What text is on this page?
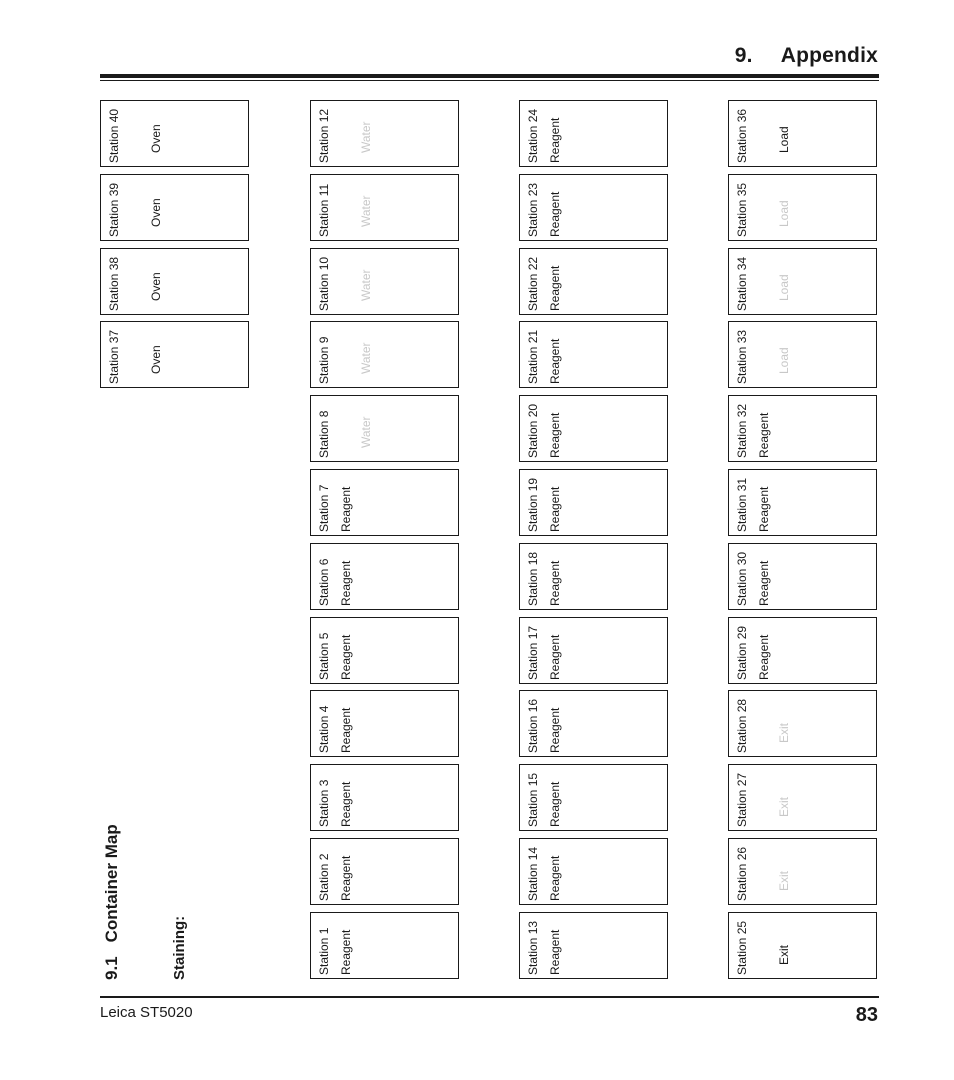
9. Appendix
9.1Container Map
Staining:
Station 40 Oven
Station 39 Oven
Station 38 Oven
Station 37 Oven
Station 12 Water
Station 11 Water
Station 10 Water
Station 9 Water
Station 8 Water
Station 7 Reagent
Station 6 Reagent
Station 5 Reagent
Station 4 Reagent
Station 3 Reagent
Station 2 Reagent
Station 1 Reagent
Station 24 Reagent
Station 23 Reagent
Station 22 Reagent
Station 21 Reagent
Station 20 Reagent
Station 19 Reagent
Station 18 Reagent
Station 17 Reagent
Station 16 Reagent
Station 15 Reagent
Station 14 Reagent
Station 13 Reagent
Station 36 Load
Station 35 Load
Station 34 Load
Station 33 Load
Station 32 Reagent
Station 31 Reagent
Station 30 Reagent
Station 29 Reagent
Station 28 Exit
Station 27 Exit
Station 26 Exit
Station 25 Exit
Leica ST5020	83
